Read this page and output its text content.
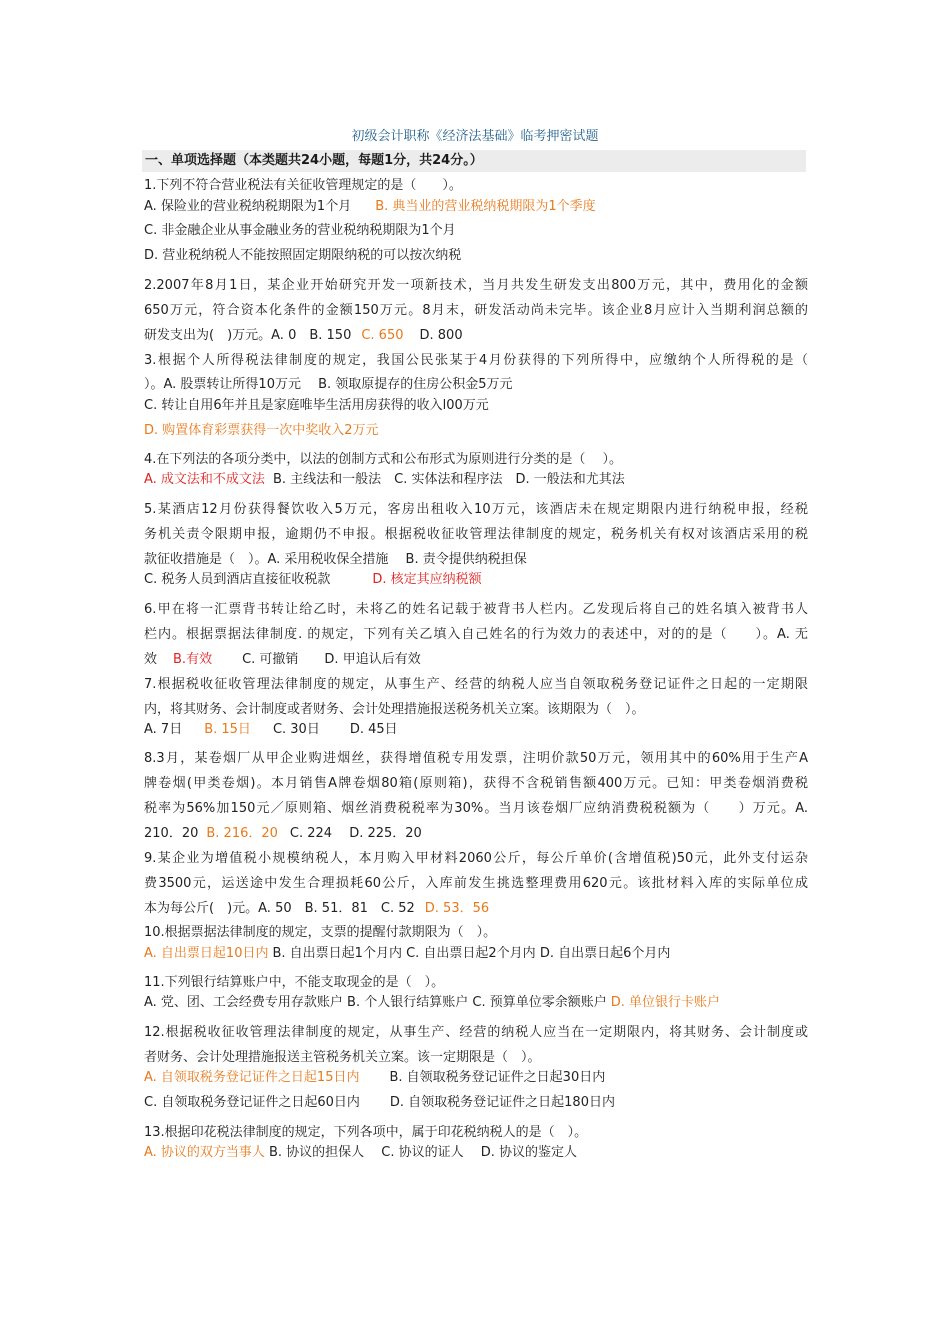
初级会计职称《经济法基础》临考押密试题
一、单项选择题（本类题共24小题，每题1分，共24分。）
1.下列不符合营业税法有关征收管理规定的是（　　）。
A. 保险业的营业税纳税期限为1个月 B. 典当业的营业税纳税期限为1个季度
C. 非金融企业从事金融业务的营业税纳税期限为1个月
D. 营业税纳税人不能按照固定期限纳税的可以按次纳税
2.2007年8月1日，某企业开始研究开发一项新技术，当月共发生研发支出800万元，其中，费用化的金额
650万元，符合资本化条件的金额150万元。8月末，研发活动尚未完毕。该企业8月应计入当期利润总额的
研发支出为(　)万元。A. 0　B. 150 C. 650 D. 800
3.根据个人所得税法律制度的规定，我国公民张某于4月份获得的下列所得中，应缴纳个人所得税的是（
）。A. 股票转让所得10万元　 B. 领取原提存的住房公积金5万元
C. 转让自用6年并且是家庭唯毕生活用房获得的收入l00万元
D. 购置体育彩票获得一次中奖收入2万元
4.在下列法的各项分类中，以法的创制方式和公布形式为原则进行分类的是（　 ）。
A. 成文法和不成文法 B. 主线法和一般法　C. 实体法和程序法　D. 一般法和尤其法
5.某酒店12月份获得餐饮收入5万元，客房出租收入10万元，该酒店未在规定期限内进行纳税申报，经税
务机关责令限期申报，逾期仍不申报。根据税收征收管理法律制度的规定，税务机关有权对该酒店采用的税
款征收措施是（　）。A. 采用税收保全措施　 B. 责令提供纳税担保
C. 税务人员到酒店直接征收税款	D. 核定其应纳税额
6.甲在将一汇票背书转让给乙时，未将乙的姓名记载于被背书人栏内。乙发现后将自己的姓名填入被背书人
栏内。根据票据法律制度. 的规定，下列有关乙填入自己姓名的行为效力的表述中，对的的是（　　）。A. 无
效 B.有效 C. 可撤销　　D. 甲追认后有效
7.根据税收征收管理法律制度的规定，从事生产、经营的纳税人应当自领取税务登记证件之日起的一定期限
内，将其财务、会计制度或者财务、会计处理措施报送税务机关立案。该期限为（　）。
A. 7日 B. 15日 C. 30日 D. 45日
8.3月，某卷烟厂从甲企业购进烟丝，获得增值税专用发票，注明价款50万元，领用其中的60%用于生产A
牌卷烟(甲类卷烟)。本月销售A牌卷烟80箱(原则箱)，获得不含税销售额400万元。已知：甲类卷烟消费税
税率为56%加150元／原则箱、烟丝消费税税率为30%。当月该卷烟厂应纳消费税税额为（　　）万元。A.
210．20 B. 216．20 C. 224　 D. 225．20
9.某企业为增值税小规模纳税人，本月购入甲材料2060公斤，每公斤单价(含增值税)50元，此外支付运杂
费3500元，运送途中发生合理损耗60公斤，入库前发生挑选整理费用620元。该批材料入库的实际单位成
本为每公斤(　)元。A. 50　B. 51．81　C. 52 D. 53．56
10.根据票据法律制度的规定，支票的提醒付款期限为（　）。
A. 自出票日起10日内 B. 自出票日起1个月内 C. 自出票日起2个月内 D. 自出票日起6个月内
11.下列银行结算账户中，不能支取现金的是（　）。
A. 党、团、工会经费专用存款账户 B. 个人银行结算账户 C. 预算单位零余额账户 D. 单位银行卡账户
12.根据税收征收管理法律制度的规定，从事生产、经营的纳税人应当在一定期限内，将其财务、会计制度或
者财务、会计处理措施报送主管税务机关立案。该一定期限是（　）。
A. 自领取税务登记证件之日起15日内 B. 自领取税务登记证件之日起30日内
C. 自领取税务登记证件之日起60日内 D. 自领取税务登记证件之日起180日内
13.根据印花税法律制度的规定，下列各项中，属于印花税纳税人的是（　）。
A. 协议的双方当事人 B. 协议的担保人　 C. 协议的证人　 D. 协议的鉴定人
